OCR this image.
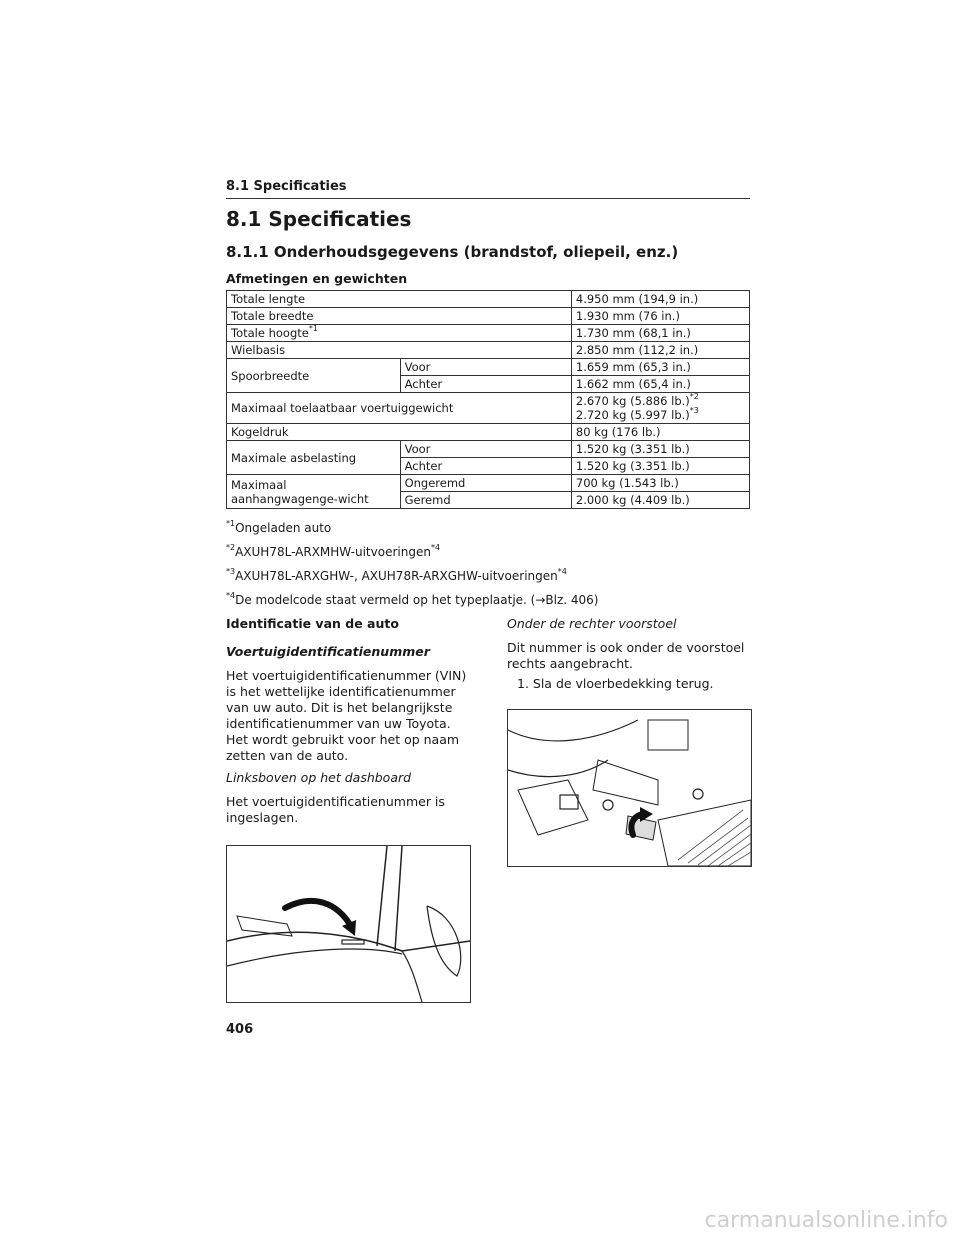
8.1 Specificaties
8.1 Specificaties
8.1.1 Onderhoudsgegevens (brandstof, oliepeil, enz.)
Afmetingen en gewichten
Totale lengte		4.950 mm (194,9 in.)
Totale breedte		1.930 mm (76 in.)
Totale hoogte$^{*1}$		1.730 mm (68,1 in.)
Wielbasis		2.850 mm (112,2 in.)
Spoorbreedte	Voor	1.659 mm (65,3 in.)
	Achter	1.662 mm (65,4 in.)
Maximaal toelaatbaar voertuiggewicht		2.670 kg (5.886 lb.)$^{*2}$
2.720 kg (5.997 lb.)$^{*3}$

Kogeldruk		80 kg (176 lb.)
Maximale asbelasting	Voor	1.520 kg (3.351 lb.)
	Achter	1.520 kg (3.351 lb.)
Maximaal aanhangwagenge-wicht	Ongeremd	700 kg (1.543 lb.)
	Geremd	2.000 kg (4.409 lb.)
$^{*1}$Ongeladen auto
$^{*2}$AXUH78L-ARXMHW-uitvoeringen$^{*4}$
$^{*3}$AXUH78L-ARXGHW-, AXUH78R-ARXGHW-uitvoeringen$^{*4}$
$^{*4}$De modelcode staat vermeld op het typeplaatje. (→Blz. 406)
Identificatie van de auto
Voertuigidentificatienummer
Het voertuigidentificatienummer (VIN) is het wettelijke identificatienummer van uw auto. Dit is het belangrijkste identificatienummer van uw Toyota. Het wordt gebruikt voor het op naam zetten van de auto.
Linksboven op het dashboard
Het voertuigidentificatienummer is ingeslagen.
Onder de rechter voorstoel
Dit nummer is ook onder de voorstoel rechts aangebracht.
1. Sla de vloerbedekking terug.
406
carmanualsonline.info
